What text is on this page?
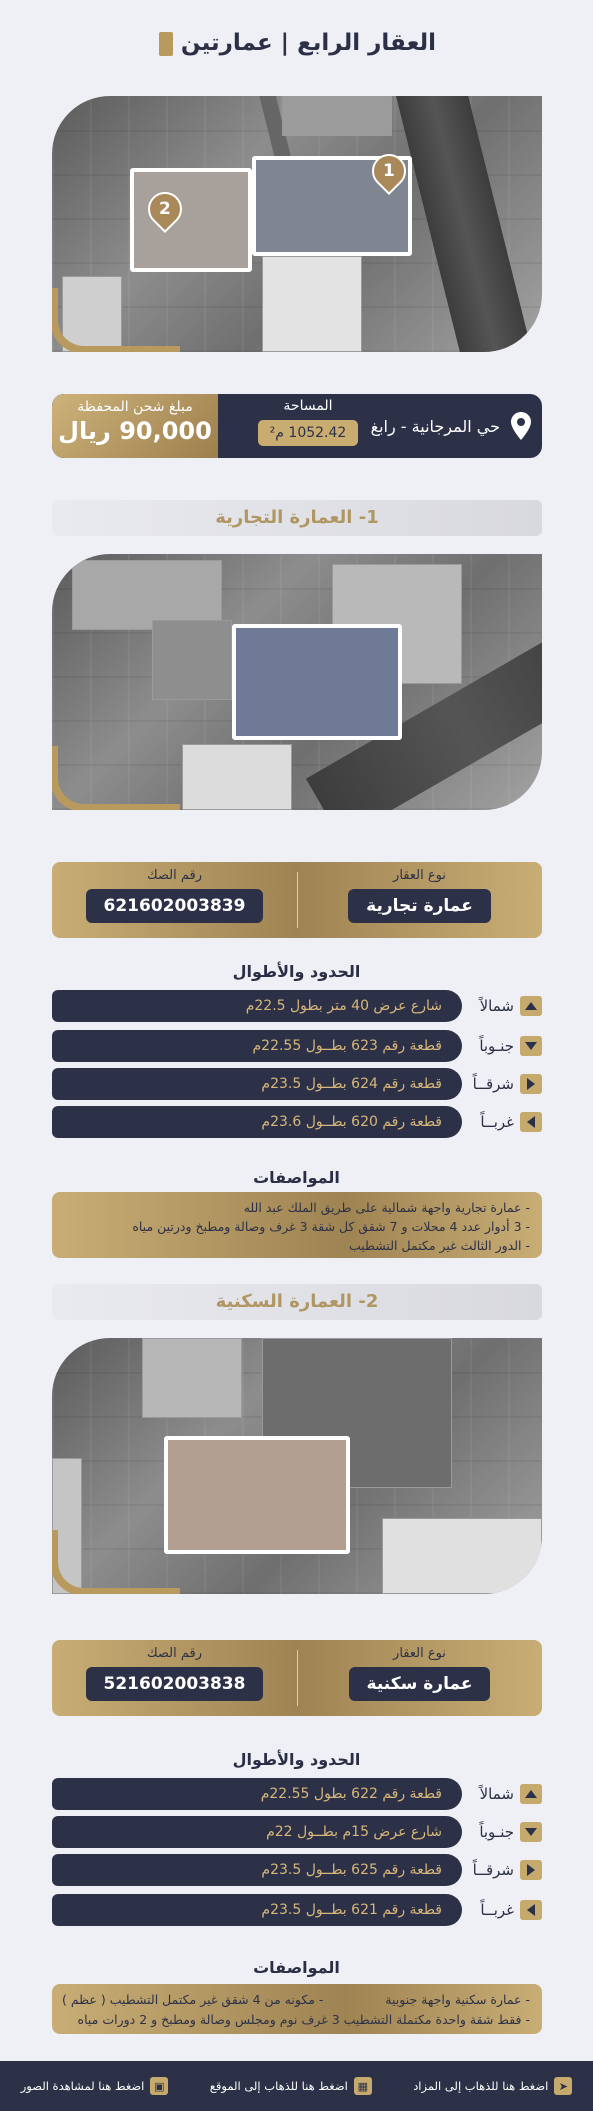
العقار الرابع | عمارتين
1
2
مبلغ شحن المحفظة
90,000 ريال
المساحة
1052.42 م²	حي المرجانية - رابغ
1- العمارة التجارية
نوع العقار
عمارة تجارية
رقم الصك
621602003839
الحدود والأطوال
شمالاً
شارع عرض 40 متر بطول 22.5م
جنـوباً
قطعة رقم 623 بطــول 22.55م
شرقــاً
قطعة رقم 624 بطــول 23.5م
غربــاً
قطعة رقم 620 بطــول 23.6م
المواصفات
- عمارة تجارية واجهة شمالية على طريق الملك عبد الله
- 3 أدوار عدد 4 محلات و 7 شقق كل شقة 3 غرف وصالة ومطبخ ودرتين مياه
- الدور الثالث غير مكتمل التشطيب
2- العمارة السكنية
نوع العقار
عمارة سكنية
رقم الصك
521602003838
الحدود والأطوال
شمالاً
قطعة رقم 622 بطول 22.55م
جنـوباً
شارع عرض 15م بطــول 22م
شرقــاً
قطعة رقم 625 بطــول 23.5م
غربــاً
قطعة رقم 621 بطــول 23.5م
المواصفات
- عمارة سكنية واجهة جنوبية
- مكونه من 4 شقق غير مكتمل التشطيب ( عظم )
- فقط شقة واحدة مكتملة التشطيب 3 غرف نوم ومجلس وصالة ومطبخ و 2 دورات مياه
➤
اضغط هنا للذهاب إلى المزاد
▦
اضغط هنا للذهاب إلى الموقع
▣
اضغط هنا لمشاهدة الصور
